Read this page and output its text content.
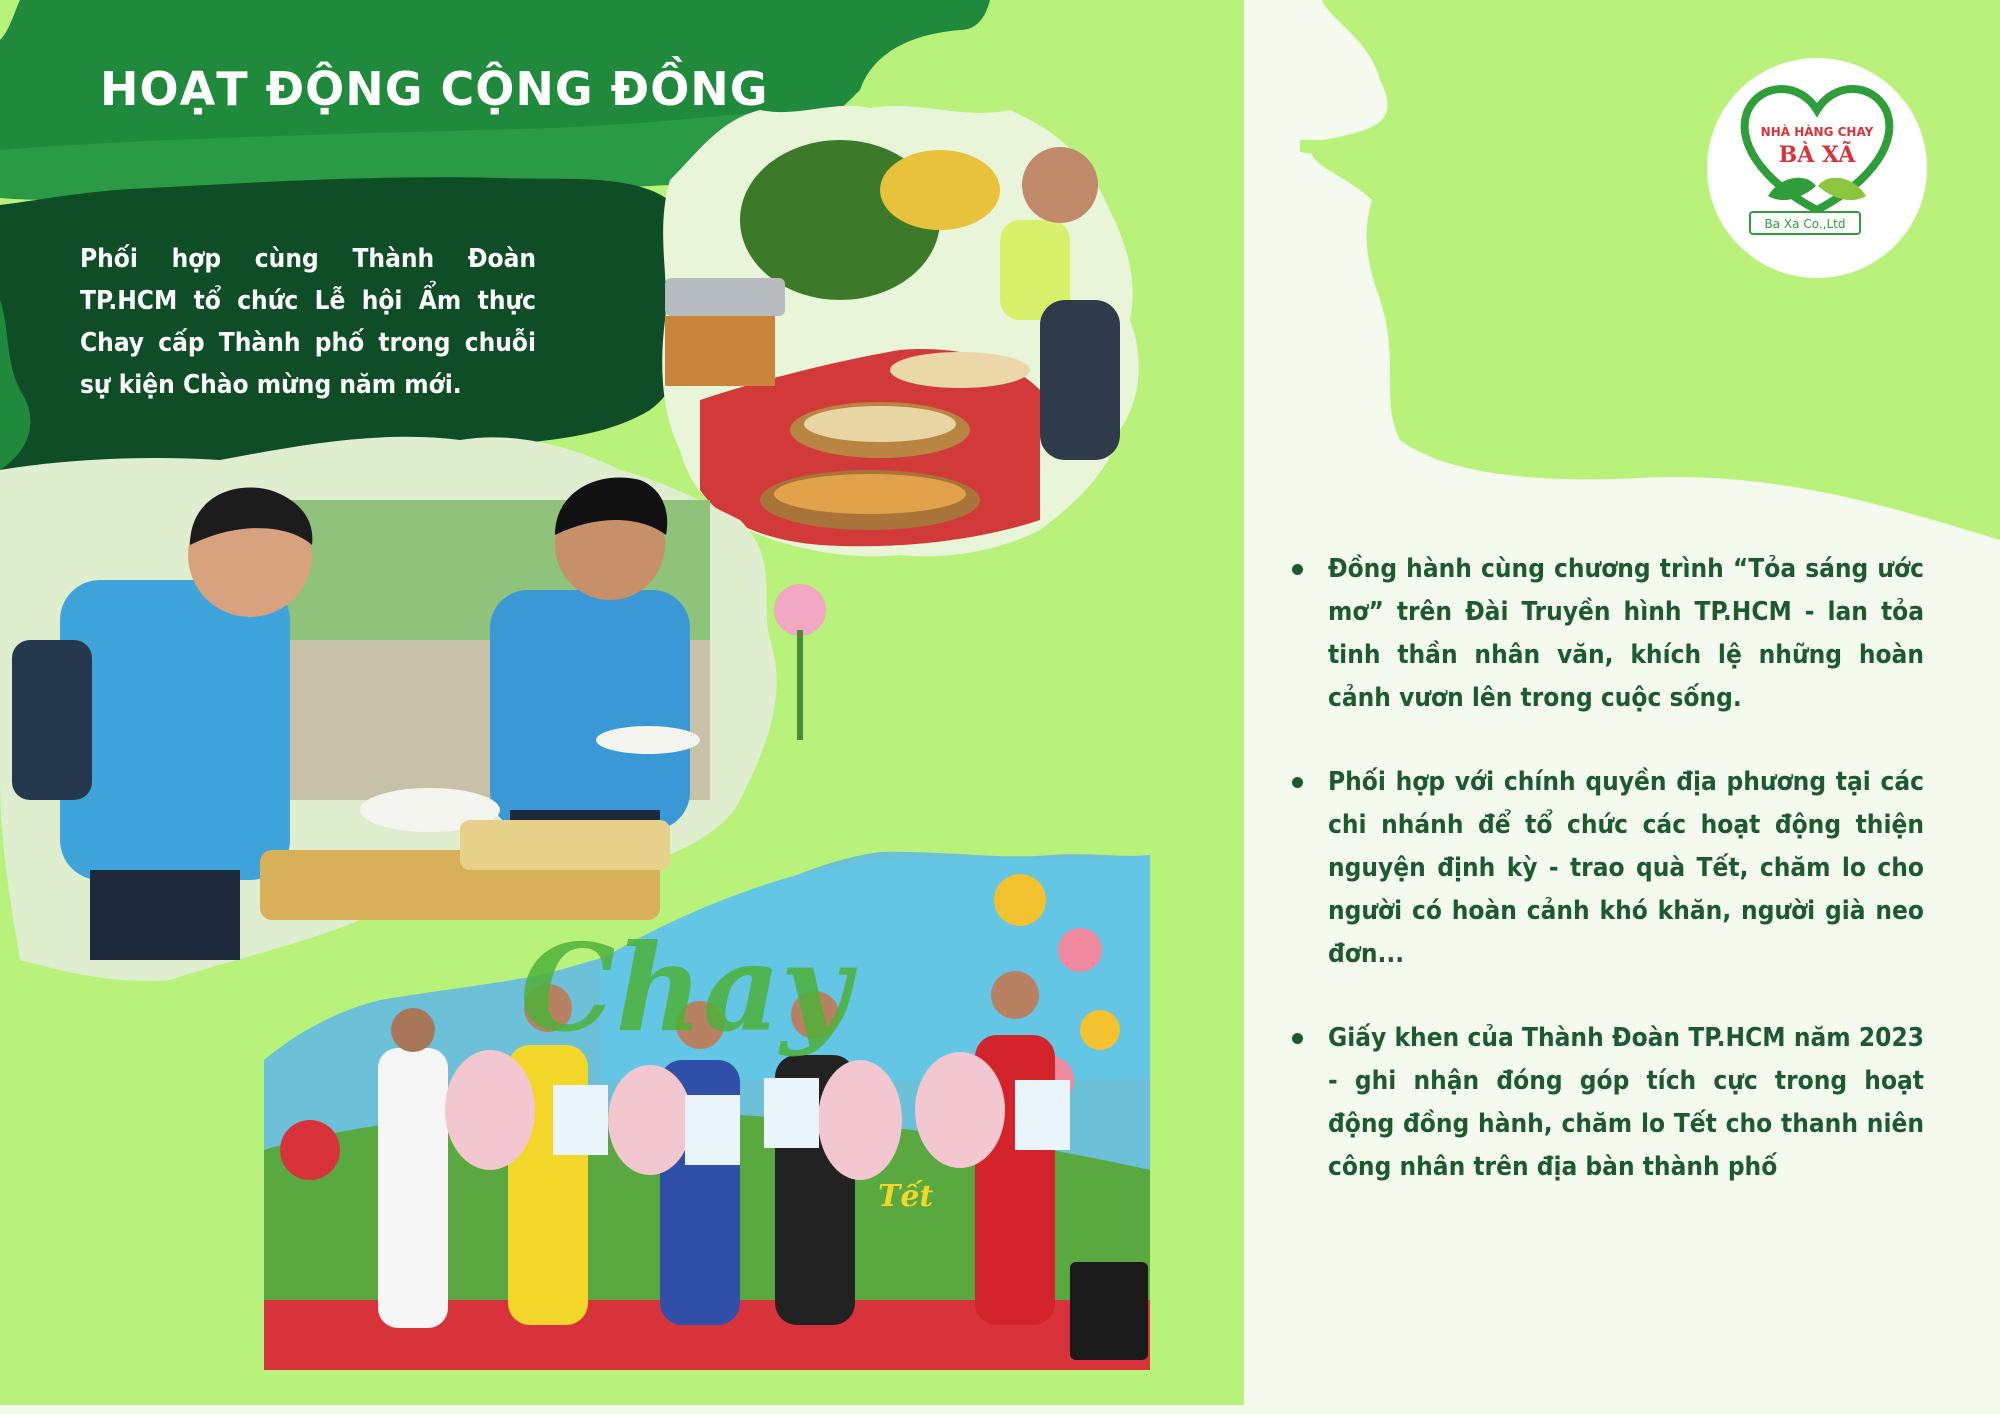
Chay
Tết
NHÀ HÀNG CHAY
BÀ XÃ
Ba Xa Co.,Ltd
HOẠT ĐỘNG CỘNG ĐỒNG

Phối hợp cùng Thành Đoàn TP.HCM tổ chức Lễ hội Ẩm thực Chay cấp Thành phố trong chuỗi sự kiện Chào mừng năm mới.

Đồng hành cùng chương trình “Tỏa sáng ước mơ” trên Đài Truyền hình TP.HCM - lan tỏa tinh thần nhân văn, khích lệ những hoàn cảnh vươn lên trong cuộc sống.
Phối hợp với chính quyền địa phương tại các chi nhánh để tổ chức các hoạt động thiện nguyện định kỳ - trao quà Tết, chăm lo cho người có hoàn cảnh khó khăn, người già neo đơn...
Giấy khen của Thành Đoàn TP.HCM năm 2023 - ghi nhận đóng góp tích cực trong hoạt động đồng hành, chăm lo Tết cho thanh niên công nhân trên địa bàn thành phố
